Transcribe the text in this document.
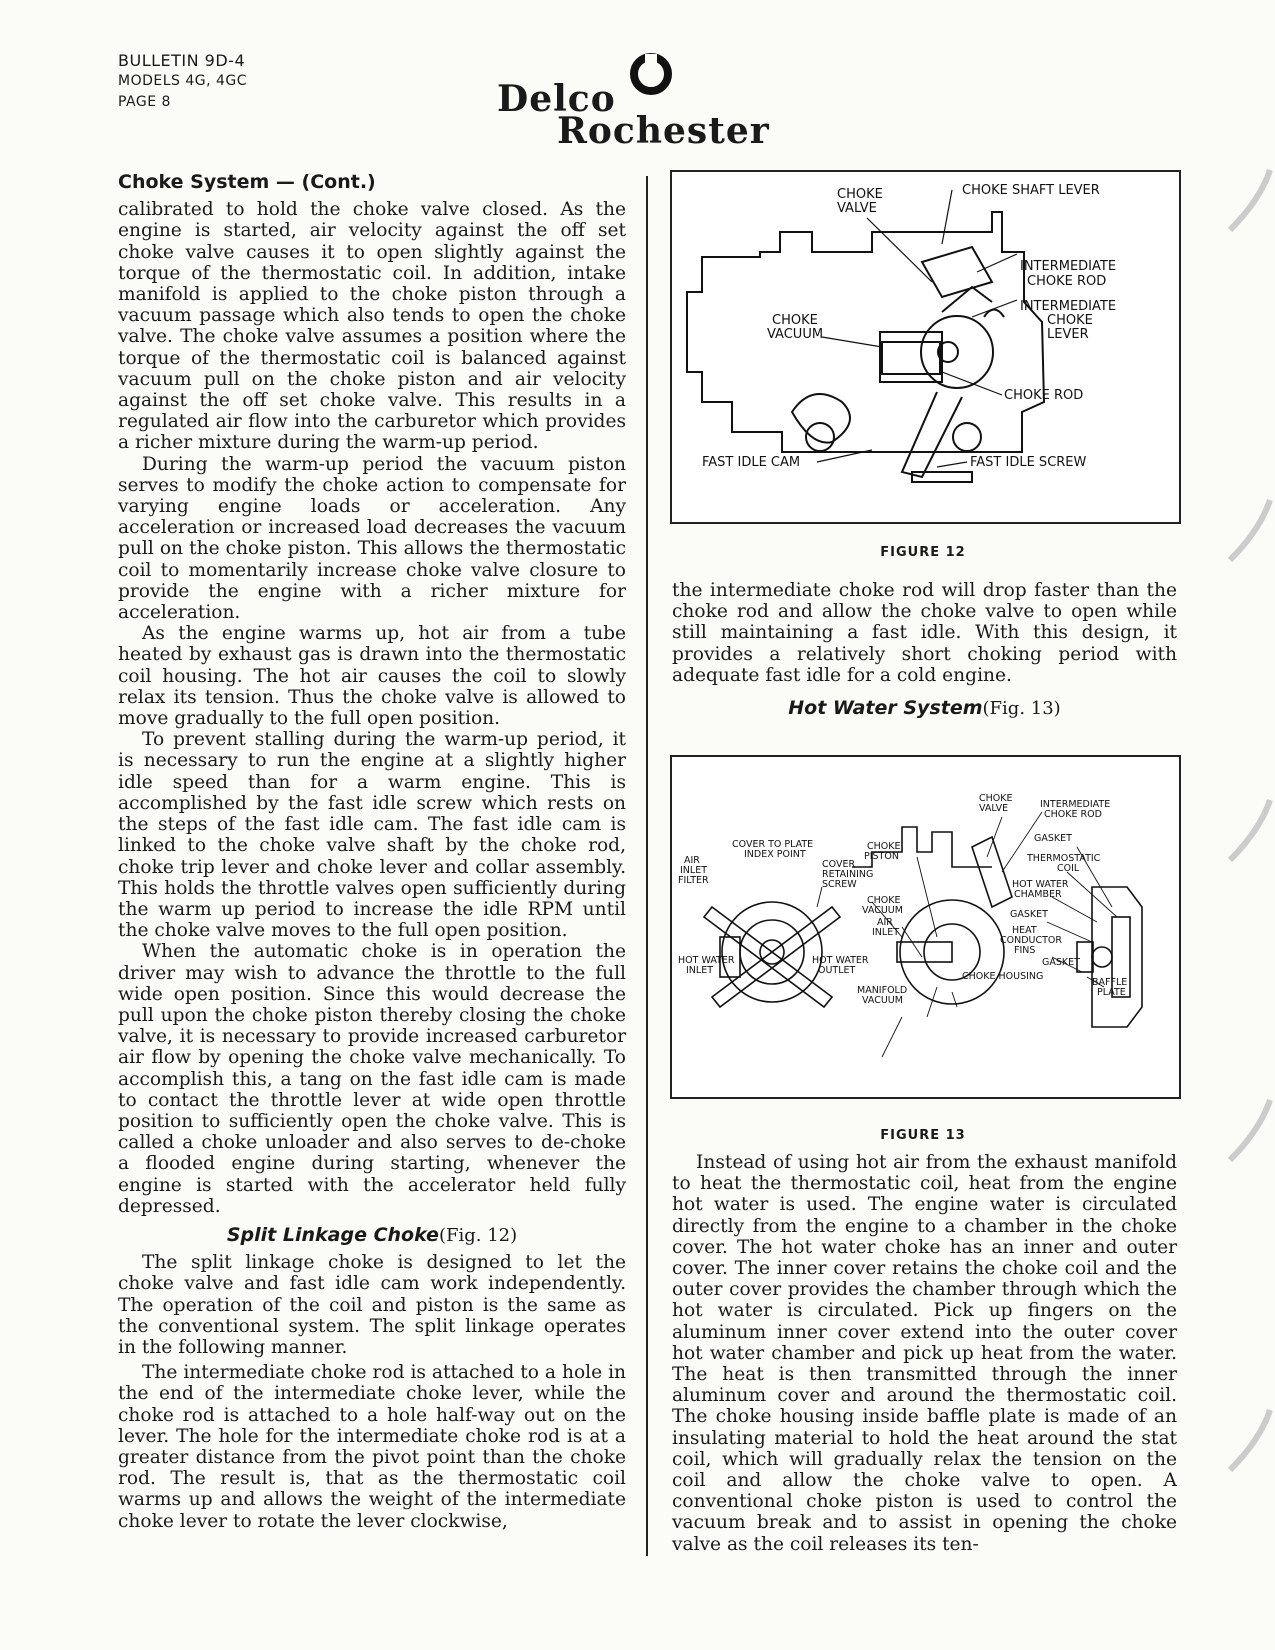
BULLETIN 9D-4
MODELS 4G, 4GC
PAGE 8	Delco
Rochester

Choke System — (Cont.)

calibrated to hold the choke valve closed. As the engine is started, air velocity against the off set choke valve causes it to open slightly against the torque of the thermostatic coil. In addition, intake manifold is applied to the choke piston through a vacuum passage which also tends to open the choke valve. The choke valve assumes a position where the torque of the thermostatic coil is balanced against vacuum pull on the choke piston and air velocity against the off set choke valve. This results in a regulated air flow into the carburetor which provides a richer mixture during the warm-up period.

During the warm-up period the vacuum piston serves to modify the choke action to compensate for varying engine loads or acceleration. Any acceleration or increased load decreases the vacuum pull on the choke piston. This allows the thermostatic coil to momentarily increase choke valve closure to provide the engine with a richer mixture for acceleration.

As the engine warms up, hot air from a tube heated by exhaust gas is drawn into the thermostatic coil housing. The hot air causes the coil to slowly relax its tension. Thus the choke valve is allowed to move gradually to the full open position.

To prevent stalling during the warm-up period, it is necessary to run the engine at a slightly higher idle speed than for a warm engine. This is accomplished by the fast idle screw which rests on the steps of the fast idle cam. The fast idle cam is linked to the choke valve shaft by the choke rod, choke trip lever and choke lever and collar assembly. This holds the throttle valves open sufficiently during the warm up period to increase the idle RPM until the choke valve moves to the full open position.

When the automatic choke is in operation the driver may wish to advance the throttle to the full wide open position. Since this would decrease the pull upon the choke piston thereby closing the choke valve, it is necessary to provide increased carburetor air flow by opening the choke valve mechanically. To accomplish this, a tang on the fast idle cam is made to contact the throttle lever at wide open throttle position to sufficiently open the choke valve. This is called a choke unloader and also serves to de-choke a flooded engine during starting, whenever the engine is started with the accelerator held fully depressed.

Split Linkage Choke(Fig. 12)

The split linkage choke is designed to let the choke valve and fast idle cam work independently. The operation of the coil and piston is the same as the conventional system. The split linkage operates in the following manner.

The intermediate choke rod is attached to a hole in the end of the intermediate choke lever, while the choke rod is attached to a hole half-way out on the lever. The hole for the intermediate choke rod is at a greater distance from the pivot point than the choke rod. The result is, that as the thermostatic coil warms up and allows the weight of the intermediate choke lever to rotate the lever clockwise,

CHOKE
VALVE
CHOKE SHAFT LEVER
INTERMEDIATE
CHOKE ROD
INTERMEDIATE
CHOKE
LEVER
CHOKE
VACUUM
CHOKE ROD
FAST IDLE CAM	FAST IDLE SCREW
FIGURE 12

the intermediate choke rod will drop faster than the choke rod and allow the choke valve to open while still maintaining a fast idle. With this design, it provides a relatively short choking period with adequate fast idle for a cold engine.

Hot Water System(Fig. 13)

CHOKE
VALVE	INTERMEDIATE
CHOKE ROD
COVER TO PLATE
INDEX POINT
CHOKE
PISTON
GASKET
AIR
INLET
FILTER
COVER
RETAINING
SCREW
THERMOSTATIC
COIL
HOT WATER
CHAMBER
CHOKE
VACUUM	GASKET
AIR
INLET	HEAT
CONDUCTOR
FINS
HOT WATER
INLET
HOT WATER
OUTLET
GASKET
CHOKE HOUSING
BAFFLE
PLATE
MANIFOLD
VACUUM
FIGURE 13

Instead of using hot air from the exhaust manifold to heat the thermostatic coil, heat from the engine hot water is used. The engine water is circulated directly from the engine to a chamber in the choke cover. The hot water choke has an inner and outer cover. The inner cover retains the choke coil and the outer cover provides the chamber through which the hot water is circulated. Pick up fingers on the aluminum inner cover extend into the outer cover hot water chamber and pick up heat from the water. The heat is then transmitted through the inner aluminum cover and around the thermostatic coil. The choke housing inside baffle plate is made of an insulating material to hold the heat around the stat coil, which will gradually relax the tension on the coil and allow the choke valve to open. A conventional choke piston is used to control the vacuum break and to assist in opening the choke valve as the coil releases its ten-
